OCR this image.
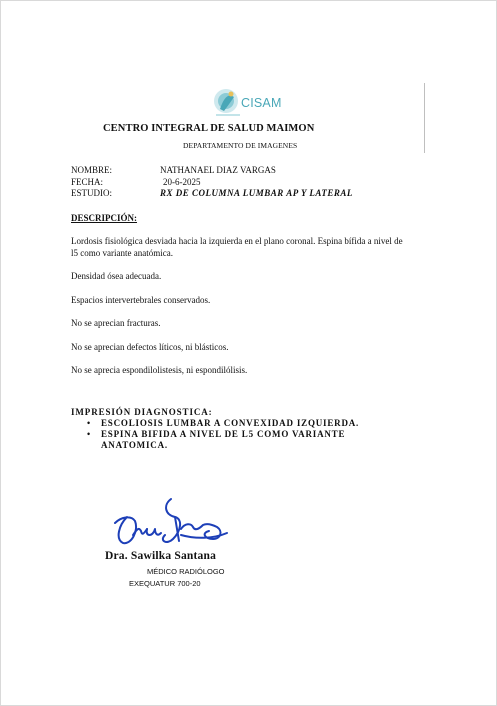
CISAM
CENTRO INTEGRAL DE SALUD MAIMON
DEPARTAMENTO DE IMAGENES
NOMBRE:	NATHANAEL DIAZ VARGAS
FECHA:	20-6-2025
ESTUDIO:	RX DE COLUMNA LUMBAR AP Y LATERAL
DESCRIPCIÓN:

Lordosis fisiológica desviada hacia la izquierda en el plano coronal. Espina bífida a nivel de l5 como variante anatómica.

Densidad ósea adecuada.

Espacios intervertebrales conservados.

No se aprecian fracturas.

No se aprecian defectos líticos, ni blásticos.

No se aprecia espondilolistesis, ni espondilólisis.

IMPRESIÓN DIAGNOSTICA:
• ESCOLIOSIS LUMBAR A CONVEXIDAD IZQUIERDA.
• ESPINA BIFIDA A NIVEL DE L5 COMO VARIANTE ANATOMICA.
Dra. Sawilka Santana
MÉDICO RADIÓLOGO
EXEQUATUR 700-20
